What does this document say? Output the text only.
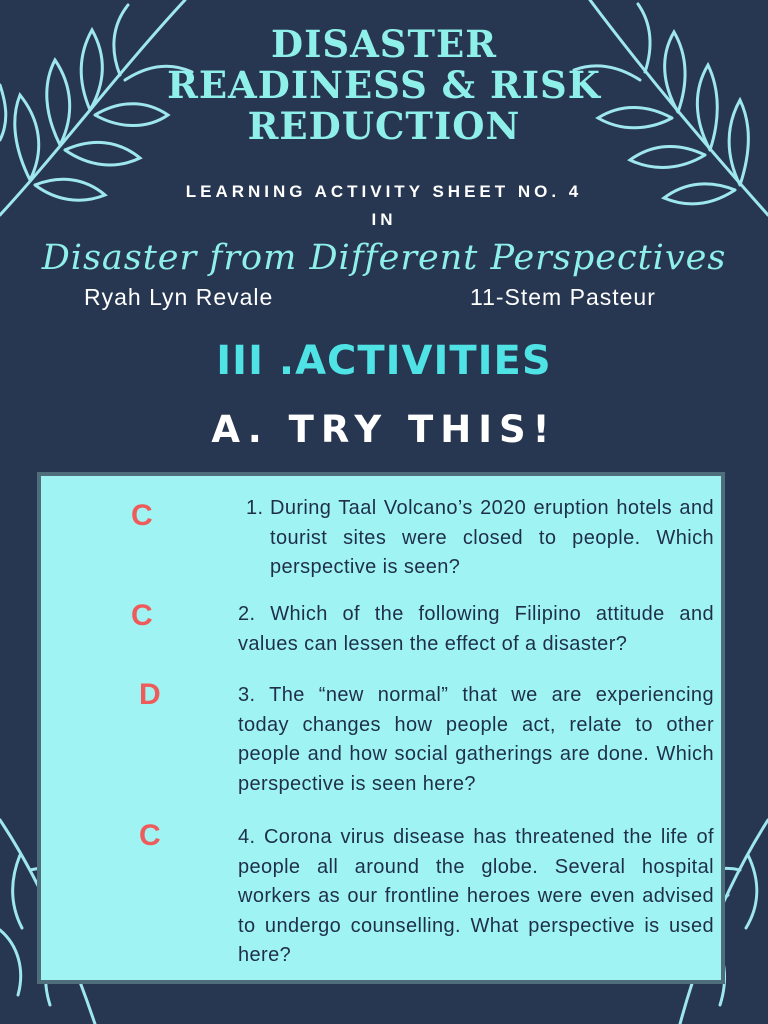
DISASTER
READINESS & RISK
REDUCTION
LEARNING ACTIVITY SHEET NO. 4
IN
Disaster from Different Perspectives
Ryah Lyn Revale	11-Stem Pasteur
III .ACTIVITIES
A. TRY THIS!
C	1. During Taal Volcano’s 2020 eruption hotels and tourist sites were closed to people. Which perspective is seen?
C	2. Which of the following Filipino attitude and values can lessen the effect of a disaster?
D	3. The “new normal” that we are experiencing today changes how people act, relate to other people and how social gatherings are done. Which perspective is seen here?
C	4. Corona virus disease has threatened the life of people all around the globe. Several hospital workers as our frontline heroes were even advised to undergo counselling. What perspective is used here?
